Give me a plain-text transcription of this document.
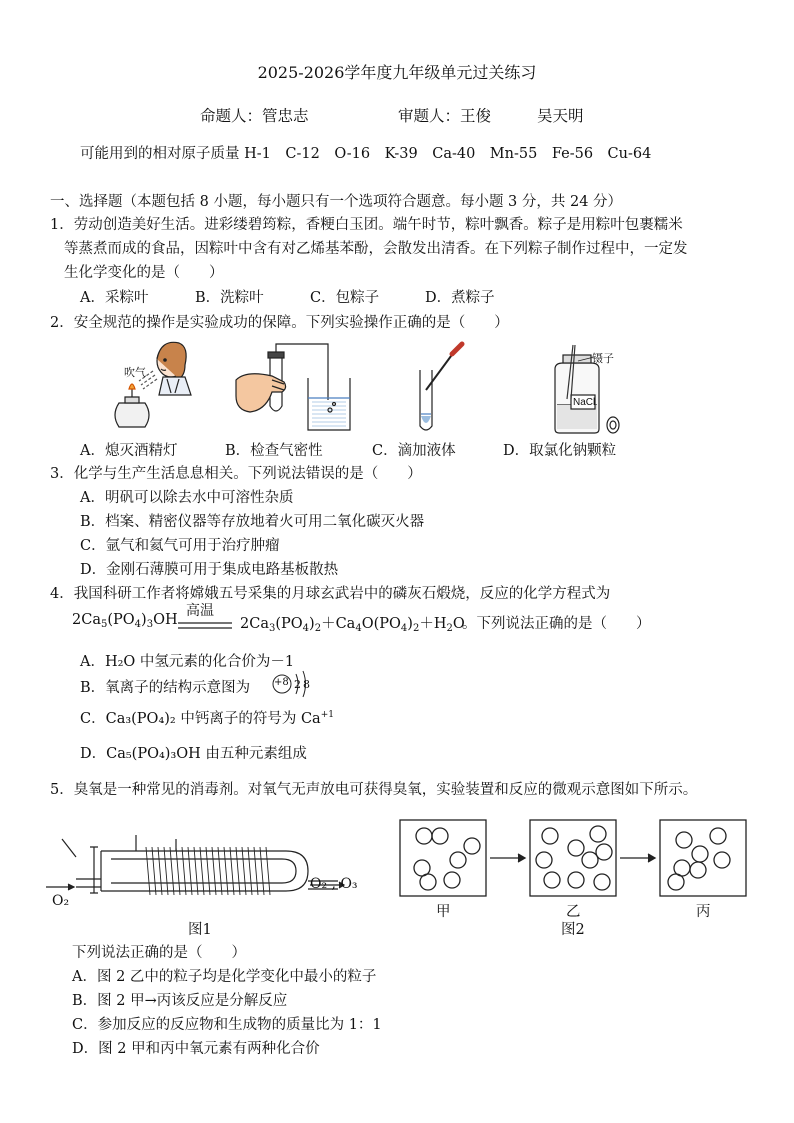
2025-2026学年度九年级单元过关练习
命题人：管忠志	审题人：王俊	吴天明
可能用到的相对原子质量 H-1　C-12　O-16　K-39　Ca-40　Mn-55　Fe-56　Cu-64
一、选择题（本题包括 8 小题，每小题只有一个选项符合题意。每小题 3 分，共 24 分）
1．劳动创造美好生活。进彩缕碧筠粽，香粳白玉团。端午时节，粽叶飘香。粽子是用粽叶包裹糯米
等蒸煮而成的食品，因粽叶中含有对乙烯基苯酚，会散发出清香。在下列粽子制作过程中，一定发
生化学变化的是（　　）
A．采粽叶	B．洗粽叶	C．包粽子	D．煮粽子
2．安全规范的操作是实验成功的保障。下列实验操作正确的是（　　）
吹气
NaCl
镊子
A．熄灭酒精灯	B．检查气密性	C．滴加液体	D．取氯化钠颗粒
3．化学与生产生活息息相关。下列说法错误的是（　　）
A．明矾可以除去水中可溶性杂质
B．档案、精密仪器等存放地着火可用二氧化碳灭火器
C．氩气和氦气可用于治疗肿瘤
D．金刚石薄膜可用于集成电路基板散热
4．我国科研工作者将嫦娥五号采集的月球玄武岩中的磷灰石煅烧，反应的化学方程式为
$2Ca_5(PO_4)_3OH$
高温
$2Ca_3(PO_4)_2+Ca_4O(PO_4)_2+H_2O$
。下列说法正确的是（　　）
A．H₂O 中氢元素的化合价为－1
B．氧离子的结构示意图为 +8 2 8
C．Ca₃(PO₄)₂ 中钙离子的符号为 $Ca^{+1}$
D．Ca₅(PO₄)₃OH 由五种元素组成
5．臭氧是一种常见的消毒剂。对氧气无声放电可获得臭氧，实验装置和反应的微观示意图如下所示。
O₂
O₂ , O₃
图1
甲	乙	丙
图2
下列说法正确的是（　　）
A．图 2 乙中的粒子均是化学变化中最小的粒子
B．图 2 甲→丙该反应是分解反应
C．参加反应的反应物和生成物的质量比为 1：1
D．图 2 甲和丙中氧元素有两种化合价
